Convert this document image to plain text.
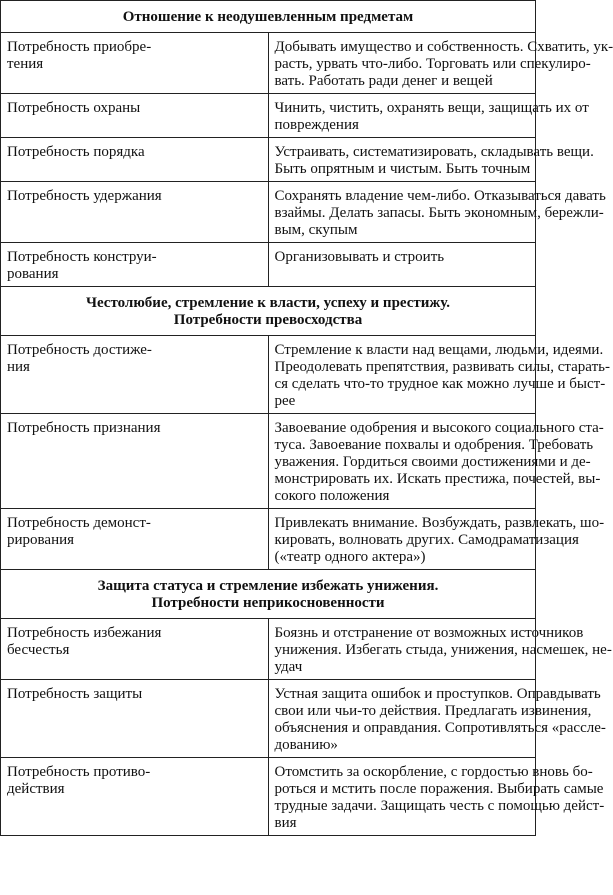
Отношение к неодушевленным предметам	

Потребность приобре-
тения	Добывать имущество и собственность. Схватить, ук-
расть, урвать что-либо. Торговать или спекулиро-
вать. Работать ради денег и вещей

Потребность охраны	Чинить, чистить, охранять вещи, защищать их от
повреждения

Потребность порядка	Устраивать, систематизировать, складывать вещи.
Быть опрятным и чистым. Быть точным

Потребность удержания	Сохранять владение чем-либо. Отказываться давать
взаймы. Делать запасы. Быть экономным, бережли-
вым, скупым

Потребность конструи-
рования	Организовывать и строить

Честолюбие, стремление к власти, успеху и престижу.
Потребности превосходства	

Потребность достиже-
ния	Стремление к власти над вещами, людьми, идеями.
Преодолевать препятствия, развивать силы, старать-
ся сделать что-то трудное как можно лучше и быст-
рее

Потребность признания	Завоевание одобрения и высокого социального ста-
туса. Завоевание похвалы и одобрения. Требовать
уважения. Гордиться своими достижениями и де-
монстрировать их. Искать престижа, почестей, вы-
сокого положения

Потребность демонст-
рирования	Привлекать внимание. Возбуждать, развлекать, шо-
кировать, волновать других. Самодраматизация
(«театр одного актера»)

Защита статуса и стремление избежать унижения.
Потребности неприкосновенности	

Потребность избежания
бесчестья	Боязнь и отстранение от возможных источников
унижения. Избегать стыда, унижения, насмешек, не-
удач

Потребность защиты	Устная защита ошибок и проступков. Оправдывать
свои или чьи-то действия. Предлагать извинения,
объяснения и оправдания. Сопротивляться «рассле-
дованию»

Потребность противо-
действия	Отомстить за оскорбление, с гордостью вновь бо-
роться и мстить после поражения. Выбирать самые
трудные задачи. Защищать честь с помощью дейст-
вия
